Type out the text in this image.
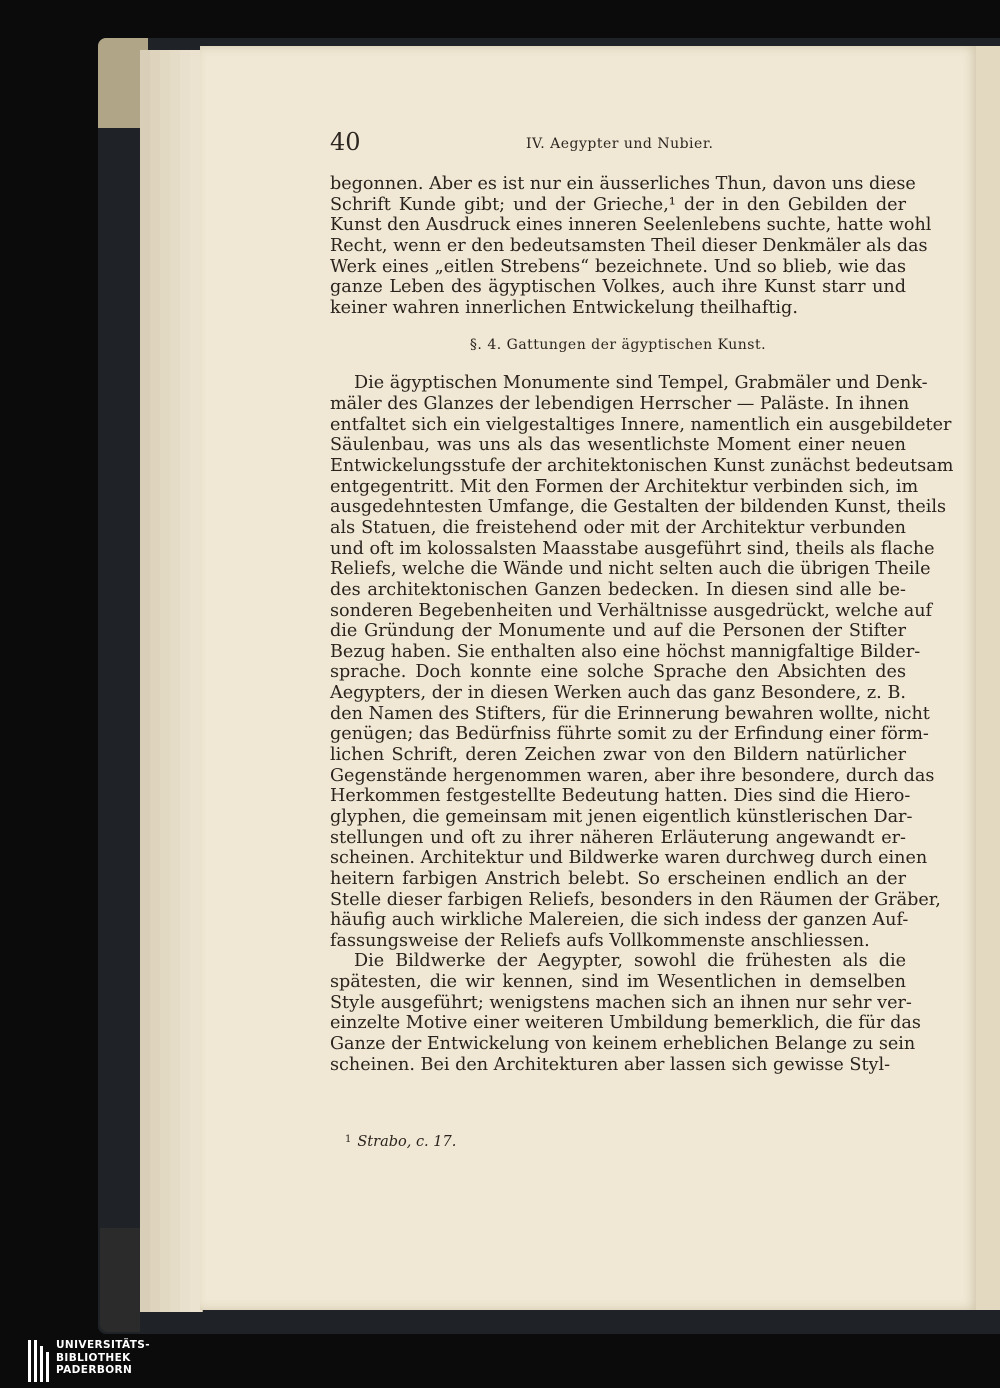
40	IV. Aegypter und Nubier.
begonnen. Aber es ist nur ein äusserliches Thun, davon uns diese
Schrift Kunde gibt; und der Grieche,¹ der in den Gebilden der
Kunst den Ausdruck eines inneren Seelenlebens suchte, hatte wohl
Recht, wenn er den bedeutsamsten Theil dieser Denkmäler als das
Werk eines „eitlen Strebens“ bezeichnete. Und so blieb, wie das
ganze Leben des ägyptischen Volkes, auch ihre Kunst starr und
keiner wahren innerlichen Entwickelung theilhaftig.
§. 4. Gattungen der ägyptischen Kunst.
Die ägyptischen Monumente sind Tempel, Grabmäler und Denk-
mäler des Glanzes der lebendigen Herrscher — Paläste. In ihnen
entfaltet sich ein vielgestaltiges Innere, namentlich ein ausgebildeter
Säulenbau, was uns als das wesentlichste Moment einer neuen
Entwickelungsstufe der architektonischen Kunst zunächst bedeutsam
entgegentritt. Mit den Formen der Architektur verbinden sich, im
ausgedehntesten Umfange, die Gestalten der bildenden Kunst, theils
als Statuen, die freistehend oder mit der Architektur verbunden
und oft im kolossalsten Maasstabe ausgeführt sind, theils als flache
Reliefs, welche die Wände und nicht selten auch die übrigen Theile
des architektonischen Ganzen bedecken. In diesen sind alle be-
sonderen Begebenheiten und Verhältnisse ausgedrückt, welche auf
die Gründung der Monumente und auf die Personen der Stifter
Bezug haben. Sie enthalten also eine höchst mannigfaltige Bilder-
sprache. Doch konnte eine solche Sprache den Absichten des
Aegypters, der in diesen Werken auch das ganz Besondere, z. B.
den Namen des Stifters, für die Erinnerung bewahren wollte, nicht
genügen; das Bedürfniss führte somit zu der Erfindung einer förm-
lichen Schrift, deren Zeichen zwar von den Bildern natürlicher
Gegenstände hergenommen waren, aber ihre besondere, durch das
Herkommen festgestellte Bedeutung hatten. Dies sind die Hiero-
glyphen, die gemeinsam mit jenen eigentlich künstlerischen Dar-
stellungen und oft zu ihrer näheren Erläuterung angewandt er-
scheinen. Architektur und Bildwerke waren durchweg durch einen
heitern farbigen Anstrich belebt. So erscheinen endlich an der
Stelle dieser farbigen Reliefs, besonders in den Räumen der Gräber,
häufig auch wirkliche Malereien, die sich indess der ganzen Auf-
fassungsweise der Reliefs aufs Vollkommenste anschliessen.
Die Bildwerke der Aegypter, sowohl die frühesten als die
spätesten, die wir kennen, sind im Wesentlichen in demselben
Style ausgeführt; wenigstens machen sich an ihnen nur sehr ver-
einzelte Motive einer weiteren Umbildung bemerklich, die für das
Ganze der Entwickelung von keinem erheblichen Belange zu sein
scheinen. Bei den Architekturen aber lassen sich gewisse Styl-
$^1$ Strabo, c. 17.
UNIVERSITÄTS-
BIBLIOTHEK
PADERBORN
